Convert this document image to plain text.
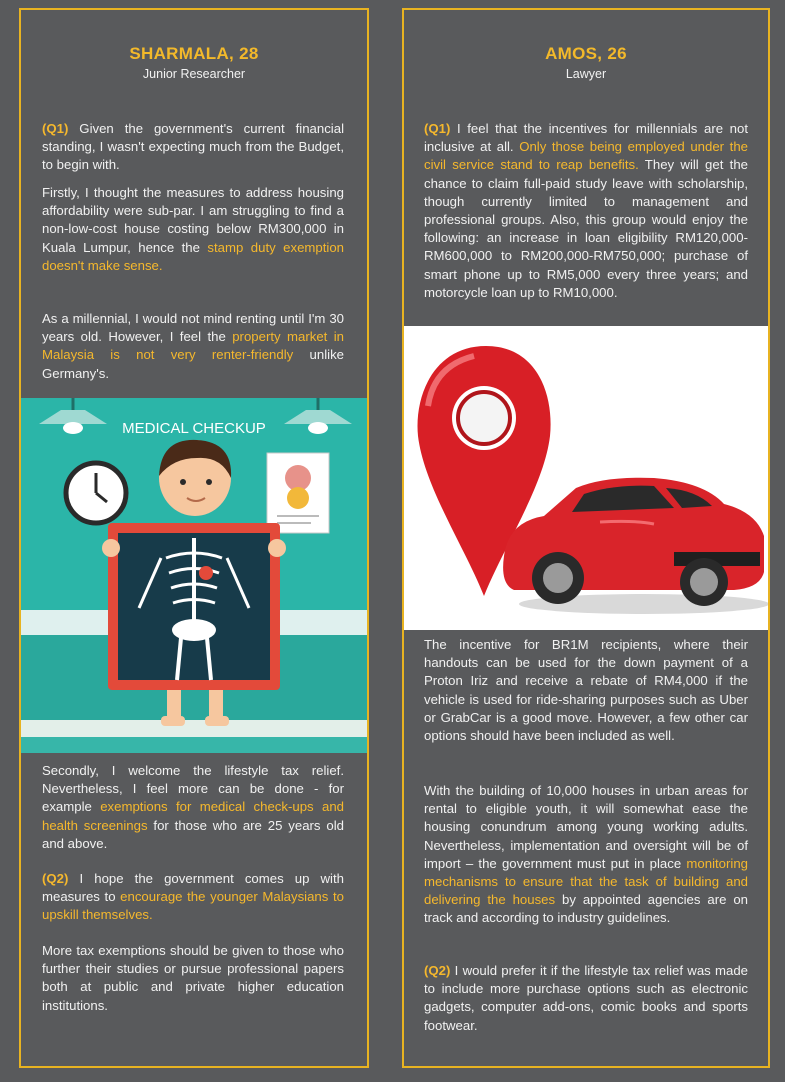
SHARMALA, 28
Junior Researcher

(Q1) Given the government's current financial standing, I wasn't expecting much from the Budget, to begin with.

Firstly, I thought the measures to address housing affordability were sub-par. I am struggling to find a non-low-cost house costing below RM300,000 in Kuala Lumpur, hence the stamp duty exemption doesn't make sense.

As a millennial, I would not mind renting until I'm 30 years old. However, I feel the property market in Malaysia is not very renter-friendly unlike Germany's.

MEDICAL CHECKUP

Secondly, I welcome the lifestyle tax relief. Nevertheless, I feel more can be done - for example exemptions for medical check-ups and health screenings for those who are 25 years old and above.

(Q2) I hope the government comes up with measures to encourage the younger Malaysians to upskill themselves.

More tax exemptions should be given to those who further their studies or pursue professional papers both at public and private higher education institutions.

AMOS, 26
Lawyer

(Q1) I feel that the incentives for millennials are not inclusive at all. Only those being employed under the civil service stand to reap benefits. They will get the chance to claim full-paid study leave with scholarship, though currently limited to management and professional groups. Also, this group would enjoy the following: an increase in loan eligibility RM120,000-RM600,000 to RM200,000-RM750,000; purchase of smart phone up to RM5,000 every three years; and motorcycle loan up to RM10,000.

The incentive for BR1M recipients, where their handouts can be used for the down payment of a Proton Iriz and receive a rebate of RM4,000 if the vehicle is used for ride-sharing purposes such as Uber or GrabCar is a good move. However, a few other car options should have been included as well.

With the building of 10,000 houses in urban areas for rental to eligible youth, it will somewhat ease the housing conundrum among young working adults. Nevertheless, implementation and oversight will be of import – the government must put in place monitoring mechanisms to ensure that the task of building and delivering the houses by appointed agencies are on track and according to industry guidelines.

(Q2) I would prefer it if the lifestyle tax relief was made to include more purchase options such as electronic gadgets, computer add-ons, comic books and sports footwear.
